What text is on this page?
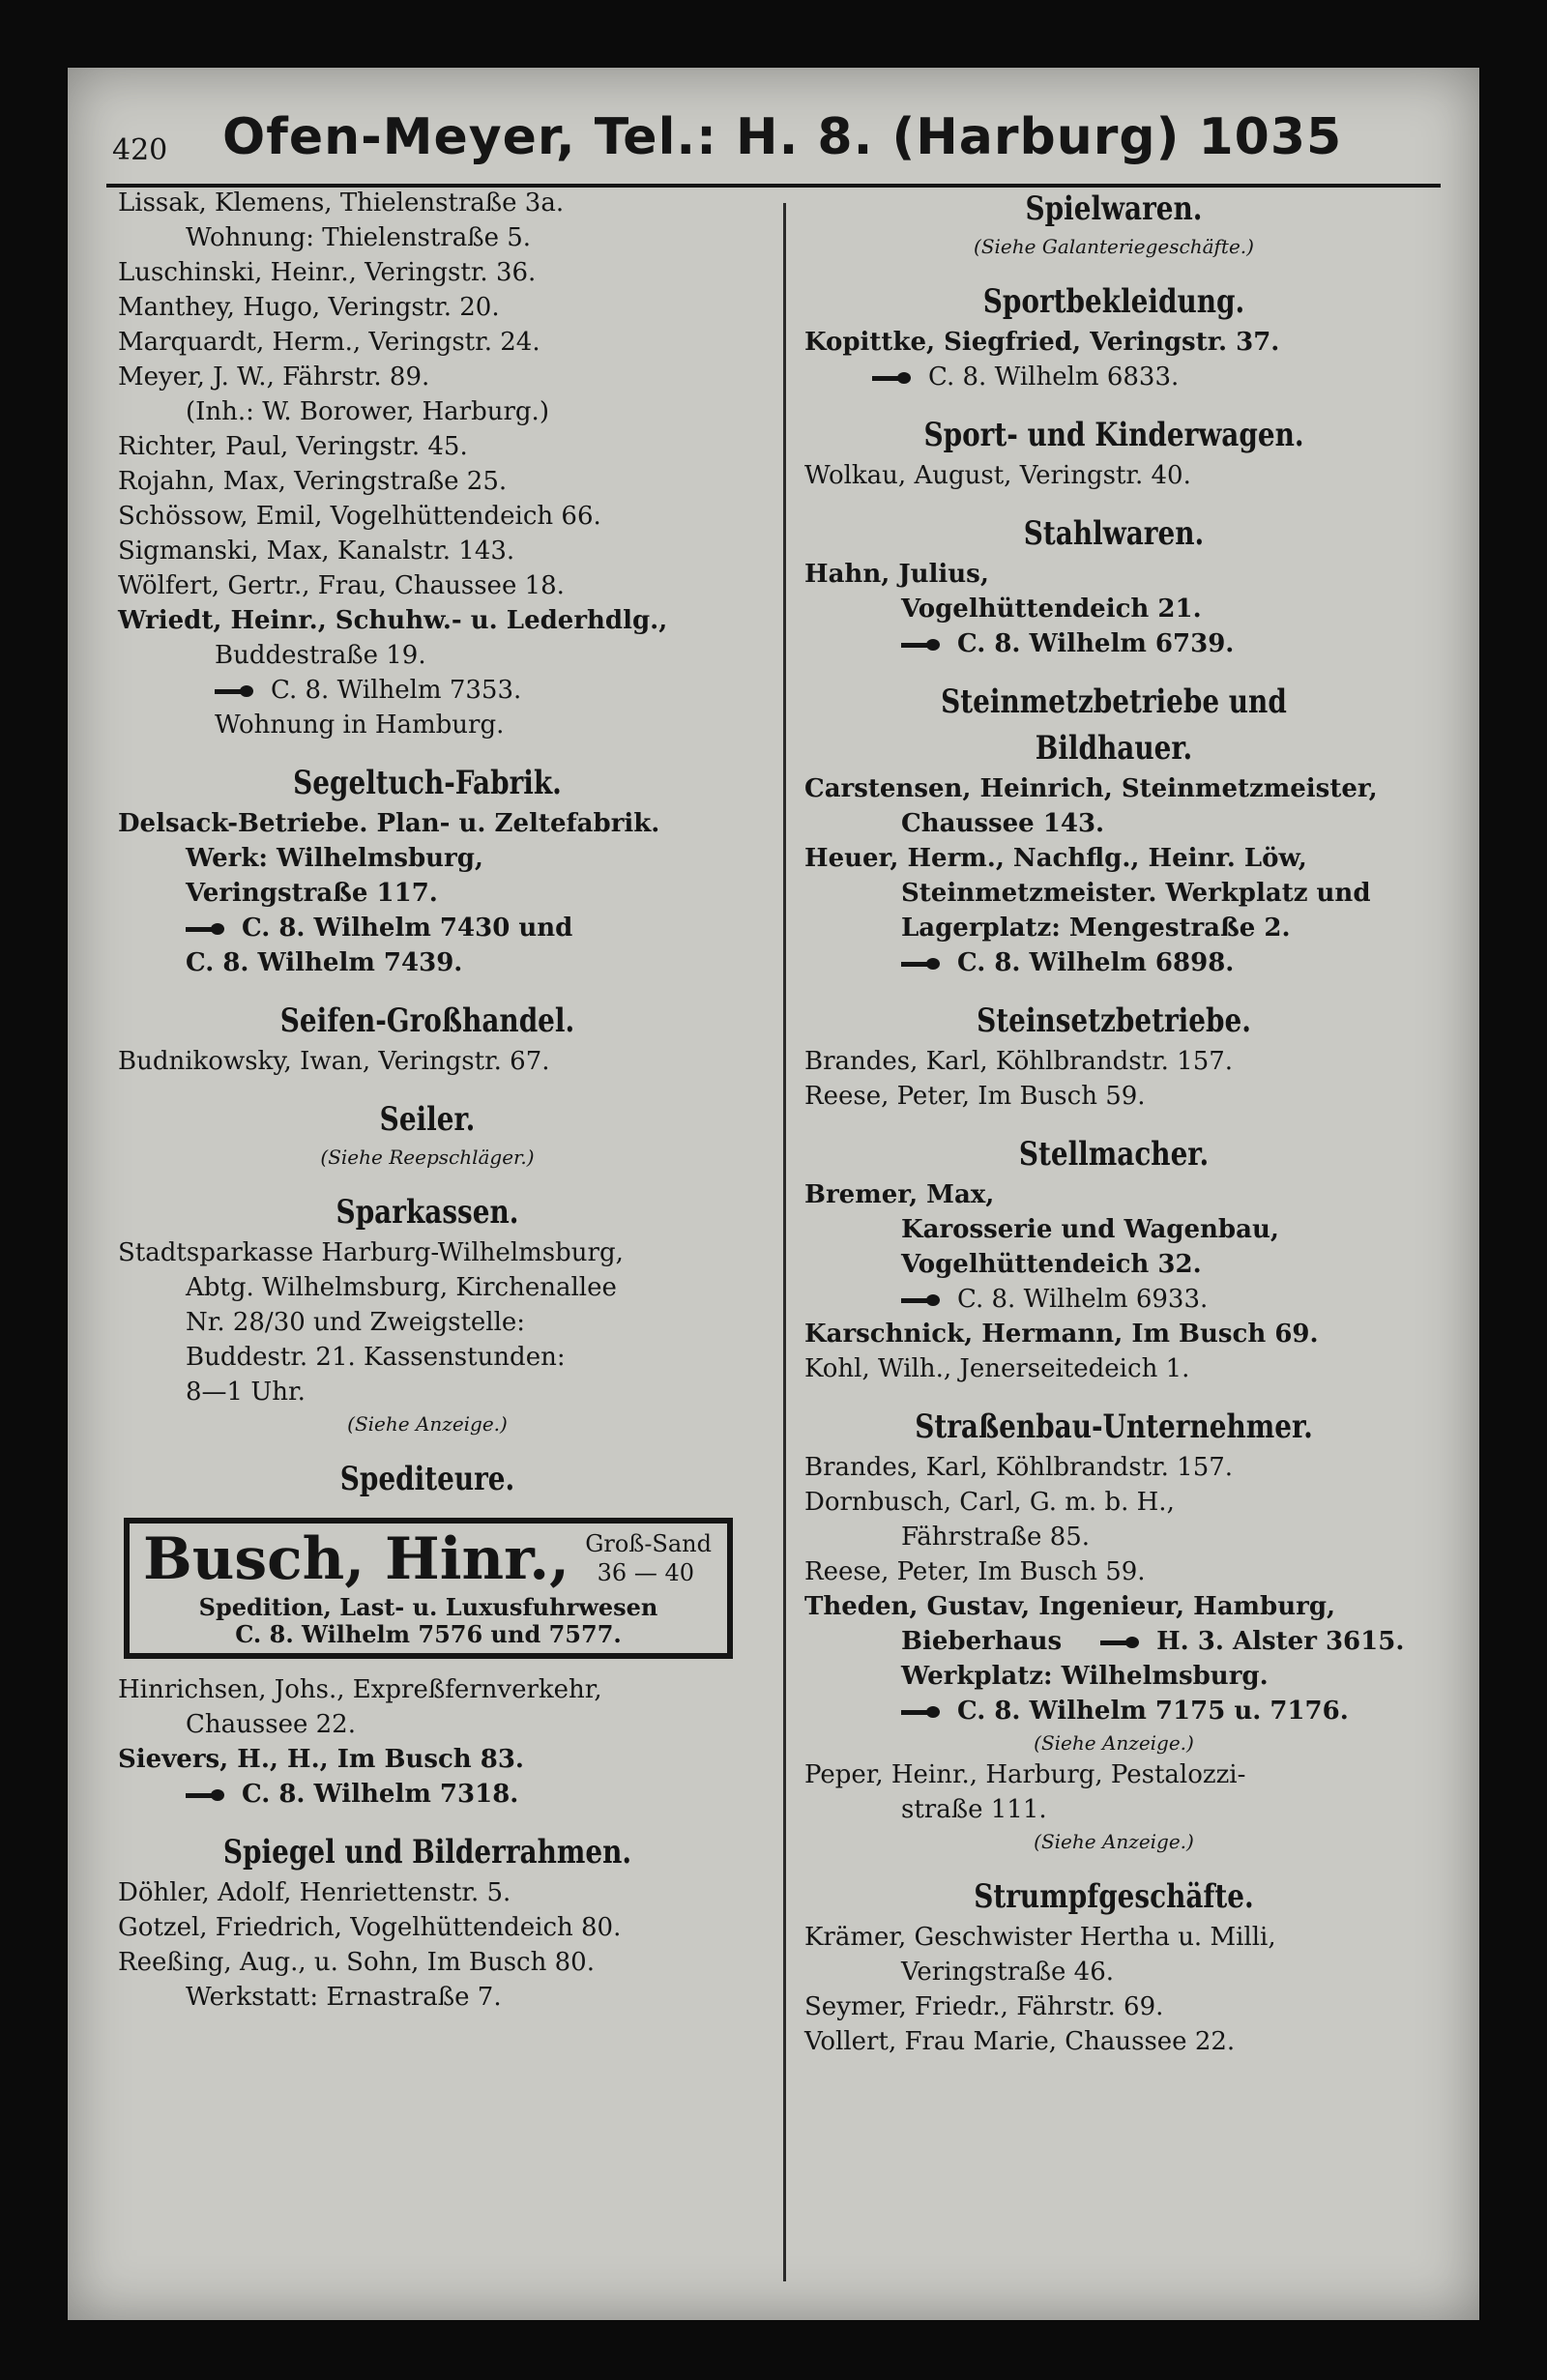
420 Ofen-Meyer, Tel.: H. 8. (Harburg) 1035
Lissak, Klemens, Thielenstraße 3a.
Wohnung: Thielenstraße 5.
Luschinski, Heinr., Veringstr. 36.
Manthey, Hugo, Veringstr. 20.
Marquardt, Herm., Veringstr. 24.
Meyer, J. W., Fährstr. 89.
(Inh.: W. Borower, Harburg.)
Richter, Paul, Veringstr. 45.
Rojahn, Max, Veringstraße 25.
Schössow, Emil, Vogelhüttendeich 66.
Sigmanski, Max, Kanalstr. 143.
Wölfert, Gertr., Frau, Chaussee 18.
Wriedt, Heinr., Schuhw.- u. Lederhdlg.,
Buddestraße 19.
C. 8. Wilhelm 7353.
Wohnung in Hamburg.
Segeltuch-Fabrik.
Delsack-Betriebe. Plan- u. Zeltefabrik.
Werk: Wilhelmsburg,
Veringstraße 117.
C. 8. Wilhelm 7430 und
C. 8. Wilhelm 7439.
Seifen-Großhandel.
Budnikowsky, Iwan, Veringstr. 67.
Seiler.
(Siehe Reepschläger.)
Sparkassen.
Stadtsparkasse Harburg-Wilhelmsburg,
Abtg. Wilhelmsburg, Kirchenallee
Nr. 28/30 und Zweigstelle:
Buddestr. 21. Kassenstunden:
8—1 Uhr.
(Siehe Anzeige.)
Spediteure.
Busch, Hinr., Groß-Sand
36 — 40
Spedition, Last- u. Luxusfuhrwesen
C. 8. Wilhelm 7576 und 7577.
Hinrichsen, Johs., Expreßfernverkehr,
Chaussee 22.
Sievers, H., H., Im Busch 83.
C. 8. Wilhelm 7318.
Spiegel und Bilderrahmen.
Döhler, Adolf, Henriettenstr. 5.
Gotzel, Friedrich, Vogelhüttendeich 80.
Reeßing, Aug., u. Sohn, Im Busch 80.
Werkstatt: Ernastraße 7.
Spielwaren.
(Siehe Galanteriegeschäfte.)
Sportbekleidung.
Kopittke, Siegfried, Veringstr. 37.
C. 8. Wilhelm 6833.
Sport- und Kinderwagen.
Wolkau, August, Veringstr. 40.
Stahlwaren.
Hahn, Julius,
Vogelhüttendeich 21.
C. 8. Wilhelm 6739.
Steinmetzbetriebe und Bildhauer.
Carstensen, Heinrich, Steinmetzmeister,
Chaussee 143.
Heuer, Herm., Nachflg., Heinr. Löw,
Steinmetzmeister. Werkplatz und
Lagerplatz: Mengestraße 2.
C. 8. Wilhelm 6898.
Steinsetzbetriebe.
Brandes, Karl, Köhlbrandstr. 157.
Reese, Peter, Im Busch 59.
Stellmacher.
Bremer, Max,
Karosserie und Wagenbau,
Vogelhüttendeich 32.
C. 8. Wilhelm 6933.
Karschnick, Hermann, Im Busch 69.
Kohl, Wilh., Jenerseitedeich 1.
Straßenbau-Unternehmer.
Brandes, Karl, Köhlbrandstr. 157.
Dornbusch, Carl, G. m. b. H.,
Fährstraße 85.
Reese, Peter, Im Busch 59.
Theden, Gustav, Ingenieur, Hamburg,
Bieberhaus	H. 3. Alster 3615.
Werkplatz: Wilhelmsburg.
C. 8. Wilhelm 7175 u. 7176.
(Siehe Anzeige.)
Peper, Heinr., Harburg, Pestalozzi-
straße 111.
(Siehe Anzeige.)
Strumpfgeschäfte.
Krämer, Geschwister Hertha u. Milli,
Veringstraße 46.
Seymer, Friedr., Fährstr. 69.
Vollert, Frau Marie, Chaussee 22.
